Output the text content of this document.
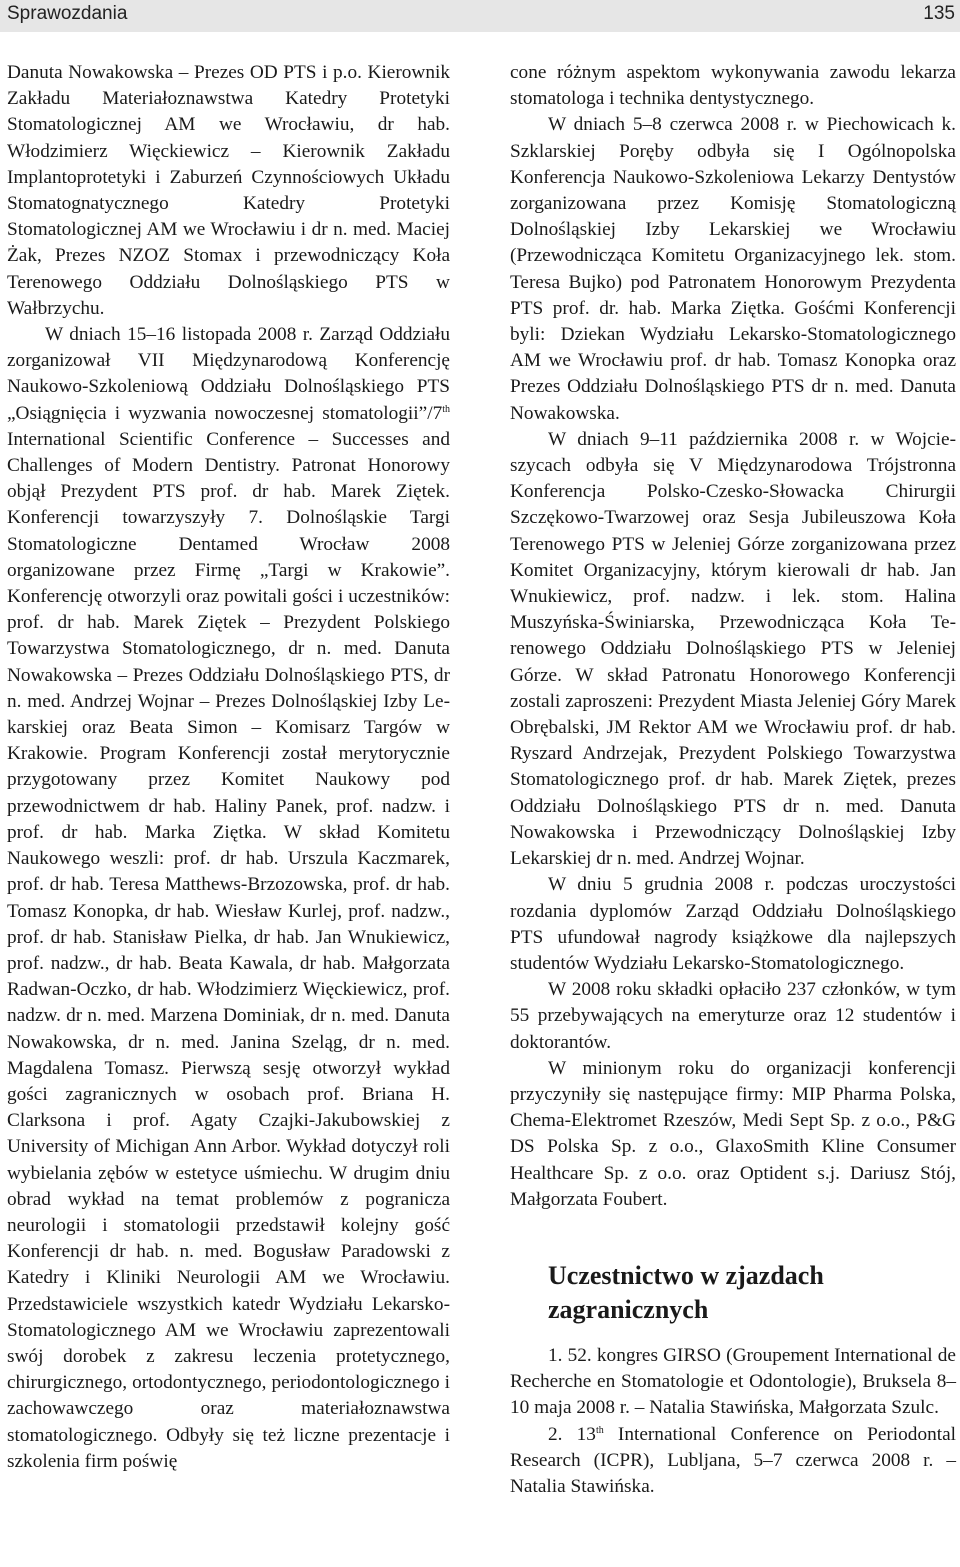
Sprawozdania	135

Danuta Nowakowska – Prezes OD PTS i p.o. Kierownik Zakładu Materiałoznawstwa Katedry Protetyki Stomatologicznej AM we Wrocławiu, dr hab. Włodzimierz Więckiewicz – Kierownik Zakładu Implantoprotetyki i Zaburzeń Czynnościowych Układu Stomatognatycznego Katedry Protetyki Stomatologicznej AM we Wrocławiu i dr n. med. Maciej Żak, Prezes NZOZ Stomax i przewodniczący Koła Terenowego Oddziału Dolnośląskiego PTS w Wałbrzychu.

W dniach 15–16 listopada 2008 r. Zarząd Oddziału zorganizował VII Międzynarodową Konferencję Naukowo-Szkoleniową Oddziału Dolnośląskiego PTS „Osiągnięcia i wyzwania nowoczesnej stomatologii”/7th International Scientific Conference – Successes and Challenges of Modern Dentistry. Patronat Honorowy objął Prezydent PTS prof. dr hab. Marek Ziętek. Konferencji towarzyszyły 7. Dolnośląskie Targi Stomatologiczne Dentamed Wrocław 2008 organizowane przez Firmę „Targi w Krakowie”. Konferencję otworzyli oraz powitali gości i uczestników: prof. dr hab. Marek Ziętek – Prezydent Polskiego Towarzystwa Stomatologicznego, dr n. med. Danuta Nowakowska – Prezes Oddziału Dolnośląskiego PTS, dr n. med. Andrzej Wojnar – Prezes Dolnośląskiej Izby Lekarskiej oraz Beata Simon – Komisarz Targów w Krakowie. Program Konferencji został merytorycznie przygotowany przez Komitet Naukowy pod przewodnictwem dr hab. Haliny Panek, prof. nadzw. i prof. dr hab. Marka Ziętka. W skład Komitetu Naukowego weszli: prof. dr hab. Urszula Kaczmarek, prof. dr hab. Teresa Matthews-Brzozowska, prof. dr hab. Tomasz Konopka, dr hab. Wiesław Kurlej, prof. nadzw., prof. dr hab. Stanisław Pielka, dr hab. Jan Wnukiewicz, prof. nadzw., dr hab. Beata Kawala, dr hab. Małgorzata Radwan-Oczko, dr hab. Włodzimierz Więckiewicz, prof. nadzw. dr n. med. Marzena Dominiak, dr n. med. Danuta Nowakowska, dr n. med. Janina Szeląg, dr n. med. Magdalena Tomasz. Pierwszą sesję otworzył wykład gości zagranicznych w osobach prof. Briana H. Clarksona i prof. Agaty Czajki-Jakubowskiej z University of Michigan Ann Arbor. Wykład dotyczył roli wybielania zębów w estetyce uśmiechu. W drugim dniu obrad wykład na temat problemów z pogranicza neurologii i stomatologii przedstawił kolejny gość Konferencji dr hab. n. med. Bogusław Paradowski z Katedry i Kliniki Neurologii AM we Wrocławiu. Przedstawiciele wszystkich katedr Wydziału Lekarsko-Stomatologicznego AM we Wrocławiu zaprezentowali swój dorobek z zakresu leczenia protetycznego, chirurgicznego, ortodontycznego, periodontologicznego i zachowawczego oraz materiałoznawstwa stomatologicznego. Odbyły się też liczne prezentacje i szkolenia firm poświę

cone różnym aspektom wykonywania zawodu lekarza stomatologa i technika dentystycznego.

W dniach 5–8 czerwca 2008 r. w Piechowicach k. Szklarskiej Poręby odbyła się I Ogólnopolska Konferencja Naukowo-Szkoleniowa Lekarzy Dentystów zorganizowana przez Komisję Stomatologiczną Dolnośląskiej Izby Lekarskiej we Wrocławiu (Przewodnicząca Komitetu Organizacyjnego lek. stom. Teresa Bujko) pod Patronatem Honorowym Prezydenta PTS prof. dr. hab. Marka Ziętka. Gośćmi Konferencji byli: Dziekan Wydziału Lekarsko-Stomatologicznego AM we Wrocławiu prof. dr hab. Tomasz Konopka oraz Prezes Oddziału Dolnośląskiego PTS dr n. med. Danuta Nowakowska.

W dniach 9–11 października 2008 r. w Wojcieszycach odbyła się V Międzynarodowa Trójstronna Konferencja Polsko-Czesko-Słowacka Chirurgii Szczękowo-Twarzowej oraz Sesja Jubileuszowa Koła Terenowego PTS w Jeleniej Górze zorganizowana przez Komitet Organizacyjny, którym kierowali dr hab. Jan Wnukiewicz, prof. nadzw. i lek. stom. Halina Muszyńska-Świniarska, Przewodnicząca Koła Terenowego Oddziału Dolnośląskiego PTS w Jeleniej Górze. W skład Patronatu Honorowego Konferencji zostali zaproszeni: Prezydent Miasta Jeleniej Góry Marek Obrębalski, JM Rektor AM we Wrocławiu prof. dr hab. Ryszard Andrzejak, Prezydent Polskiego Towarzystwa Stomatologicznego prof. dr hab. Marek Ziętek, prezes Oddziału Dolnośląskiego PTS dr n. med. Danuta Nowakowska i Przewodniczący Dolnośląskiej Izby Lekarskiej dr n. med. Andrzej Wojnar.

W dniu 5 grudnia 2008 r. podczas uroczystości rozdania dyplomów Zarząd Oddziału Dolnośląskiego PTS ufundował nagrody książkowe dla najlepszych studentów Wydziału Lekarsko-Stomatologicznego.

W 2008 roku składki opłaciło 237 członków, w tym 55 przebywających na emeryturze oraz 12 studentów i doktorantów.

W minionym roku do organizacji konferencji przyczyniły się następujące firmy: MIP Pharma Polska, Chema-Elektromet Rzeszów, Medi Sept Sp. z o.o., P&G DS Polska Sp. z o.o., GlaxoSmith Kline Consumer Healthcare Sp. z o.o. oraz Optident s.j. Dariusz Stój, Małgorzata Foubert.

Uczestnictwo w zjazdach zagranicznych

1. 52. kongres GIRSO (Groupement International de Recherche en Stomatologie et Odontologie), Bruksela 8–10 maja 2008 r. – Natalia Stawińska, Małgorzata Szulc.

2. 13th International Conference on Periodontal Research (ICPR), Lubljana, 5–7 czerwca 2008 r. – Natalia Stawińska.
